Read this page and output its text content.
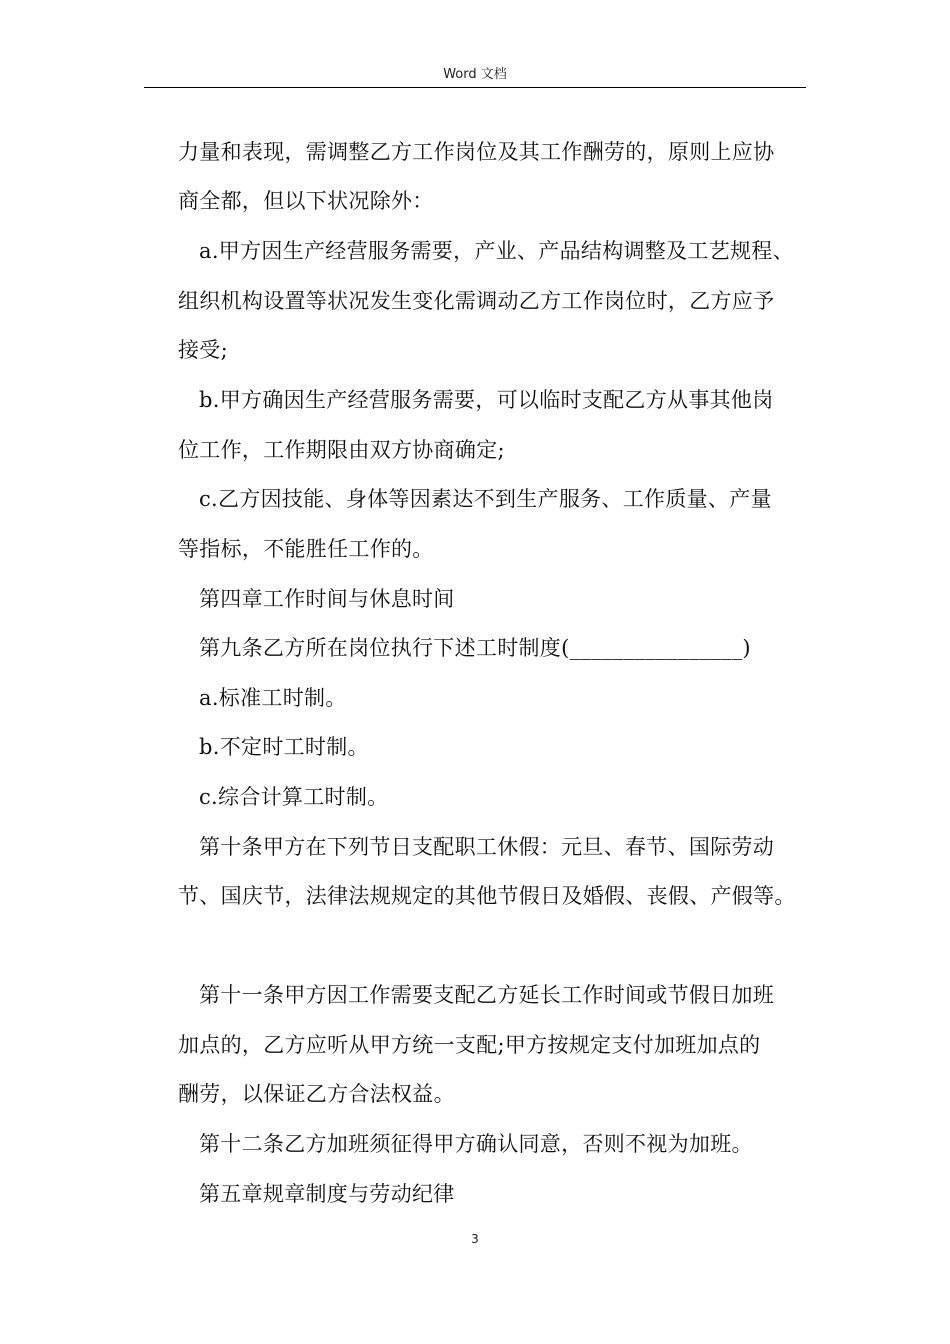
Word 文档
力量和表现，需调整乙方工作岗位及其工作酬劳的，原则上应协
商全都，但以下状况除外：
a.甲方因生产经营服务需要，产业、产品结构调整及工艺规程、
组织机构设置等状况发生变化需调动乙方工作岗位时，乙方应予
接受;
b.甲方确因生产经营服务需要，可以临时支配乙方从事其他岗
位工作，工作期限由双方协商确定;
c.乙方因技能、身体等因素达不到生产服务、工作质量、产量
等指标，不能胜任工作的。
第四章工作时间与休息时间
第九条乙方所在岗位执行下述工时制度(________________)
a.标准工时制。
b.不定时工时制。
c.综合计算工时制。
第十条甲方在下列节日支配职工休假：元旦、春节、国际劳动
节、国庆节，法律法规规定的其他节假日及婚假、丧假、产假等。
第十一条甲方因工作需要支配乙方延长工作时间或节假日加班
加点的，乙方应听从甲方统一支配;甲方按规定支付加班加点的
酬劳，以保证乙方合法权益。
第十二条乙方加班须征得甲方确认同意，否则不视为加班。
第五章规章制度与劳动纪律
3
